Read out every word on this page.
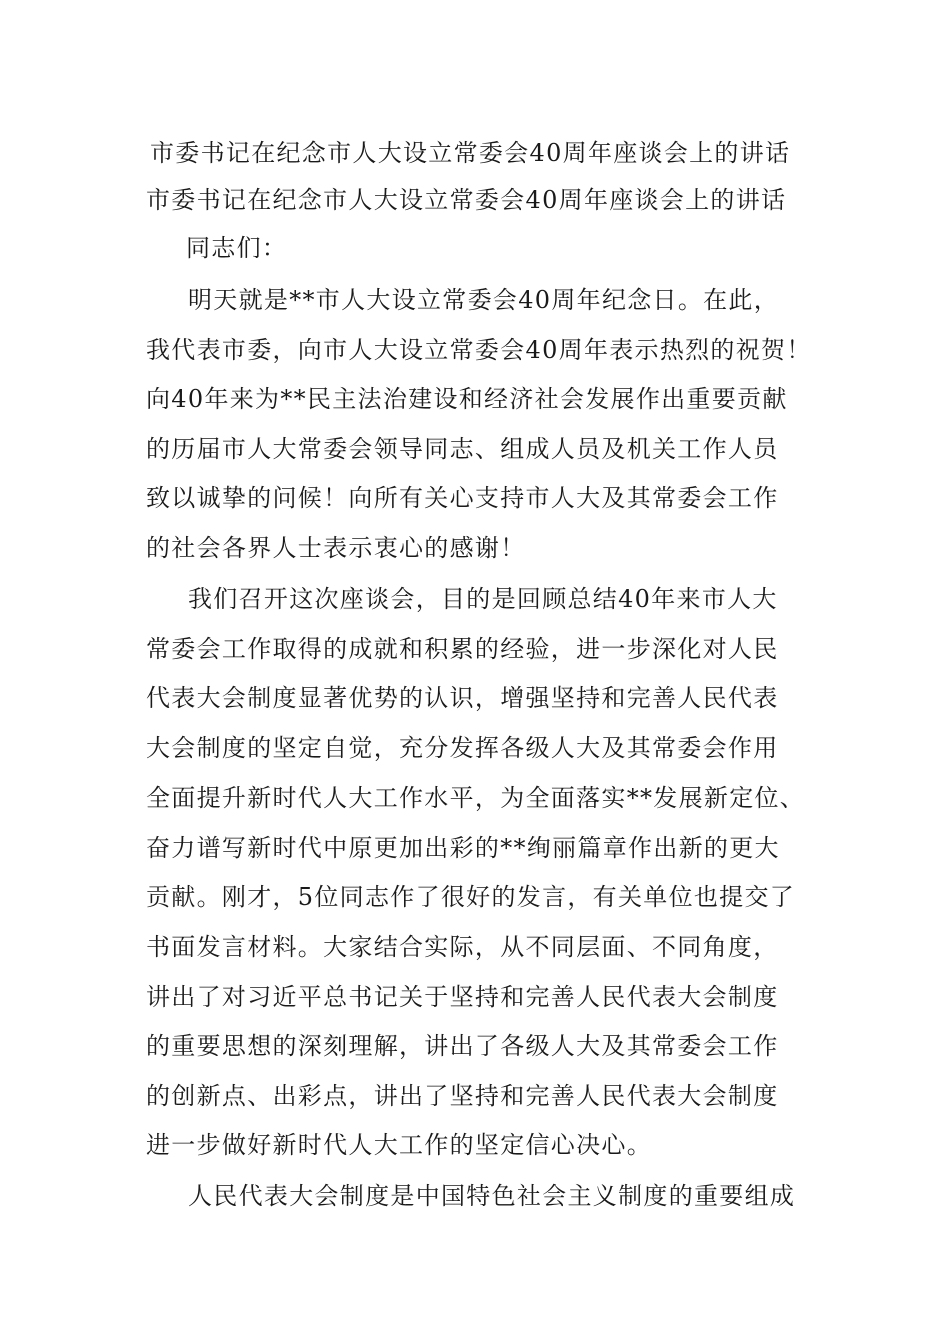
市委书记在纪念市人大设立常委会40周年座谈会上的讲话
市委书记在纪念市人大设立常委会40周年座谈会上的讲话
同志们：
明天就是**市人大设立常委会40周年纪念日。在此，
我代表市委，向市人大设立常委会40周年表示热烈的祝贺！
向40年来为**民主法治建设和经济社会发展作出重要贡献
的历届市人大常委会领导同志、组成人员及机关工作人员
致以诚挚的问候！向所有关心支持市人大及其常委会工作
的社会各界人士表示衷心的感谢！
我们召开这次座谈会，目的是回顾总结40年来市人大
常委会工作取得的成就和积累的经验，进一步深化对人民
代表大会制度显著优势的认识，增强坚持和完善人民代表
大会制度的坚定自觉，充分发挥各级人大及其常委会作用
全面提升新时代人大工作水平，为全面落实**发展新定位、
奋力谱写新时代中原更加出彩的**绚丽篇章作出新的更大
贡献。刚才，5位同志作了很好的发言，有关单位也提交了
书面发言材料。大家结合实际，从不同层面、不同角度，
讲出了对习近平总书记关于坚持和完善人民代表大会制度
的重要思想的深刻理解，讲出了各级人大及其常委会工作
的创新点、出彩点，讲出了坚持和完善人民代表大会制度
进一步做好新时代人大工作的坚定信心决心。
人民代表大会制度是中国特色社会主义制度的重要组成
